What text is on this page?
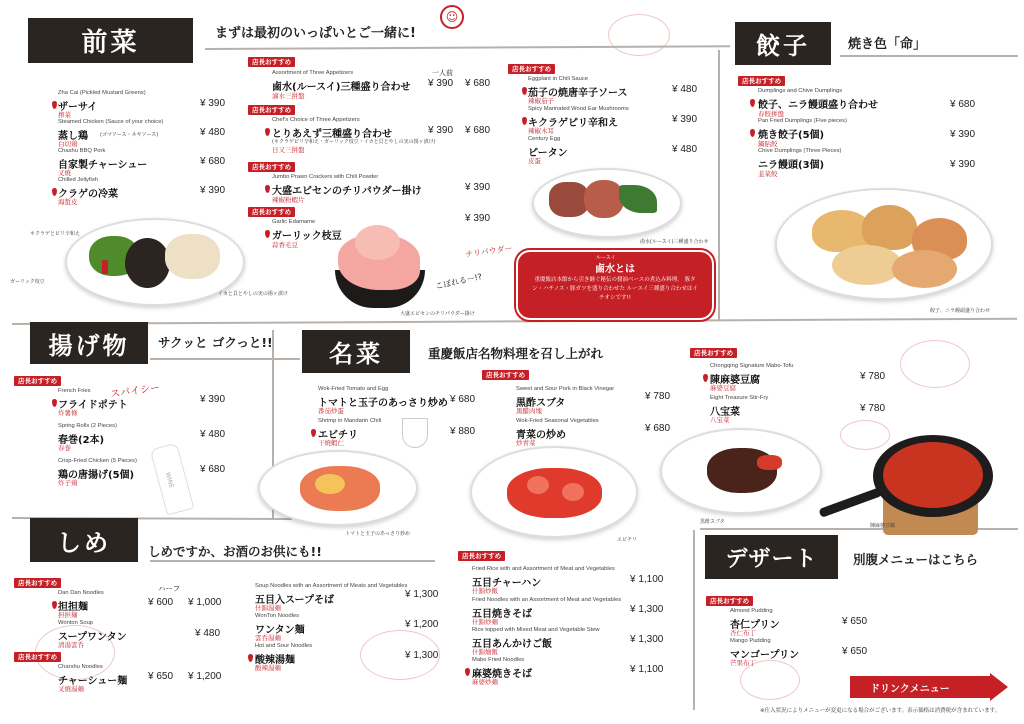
前菜	まずは最初のいっぱいとご一緒に!
☺
Zha Cai (Pickled Mustard Greens)
ザーサイ
搾菜
¥ 390
Steamed Chicken (Sauce of your choice)
蒸し鶏 (ゴマソース・ネギソース)
白切鶏
¥ 480
Chashu BBQ Pork
自家製チャーシュー
叉焼
¥ 680
Chilled Jellyfish
クラゲの冷菜
海蜇皮
¥ 390
キクラゲとピリ辛和え
ガーリック枝豆
イカと貝とやしの実の揚ヶ漬け
店長おすすめ
一人前
Assortment of Three Appetizers
鹵水(ルースイ)三種盛り合わせ
滷水三拼盤
¥ 390 ¥ 680
店長おすすめ
Chef's Choice of Three Appetizers
とりあえず三種盛り合わせ
(キクラゲピリ辛和え・ガーリック枝豆・イカと貝とやしの実の揚ヶ漬け)
日又三拼盤
¥ 390 ¥ 680
店長おすすめ
Jumbo Prawn Crackers with Chili Powder
大盛エビセンのチリパウダー掛け
辣椒粉蝦片
¥ 390
店長おすすめ
Garlic Edamame
ガーリック枝豆
蒜香毛豆
¥ 390
チリパウダー
こぼれる〜!?
大盛エビセンのチリパウダー掛け
店長おすすめ
Eggplant in Chili Sauce
茄子の焼唐辛子ソース
辣椒茄子
¥ 480
Spicy Marinated Wood Ear Mushrooms
キクラゲピリ辛和え
辣椒木耳
¥ 390
Century Egg
ピータン
皮蛋
¥ 480
鹵水(ルースイ)三種盛り合わせ
ルースイ
鹵水とは
重慶飯店本館から引き継ぐ秘伝の醤油ベースの煮込み料理。 豚タン・ハチノス・豚ガツを盛り合わせた ルースイ三種盛り合わせはイチオシです!!
餃子	焼き色「命」
店長おすすめ
Dumplings and Chive Dumplings
餃子、ニラ饅頭盛り合わせ
春餃拼盤
¥ 680
Pan Fried Dumplings (Five pieces)
焼き餃子(5個)
鍋貼餃
¥ 390
Chive Dumplings (Three Pieces)
ニラ饅頭(3個)
韮菜餃
¥ 390
餃子、ニラ饅頭盛り合わせ
揚げ物	サクッと ゴクっと!!
店長おすすめ
スパイシー
French Fries
フライドポテト
炸薯條
¥ 390
Spring Rolls (2 Pieces)
春巻(2本)
春巻
¥ 480
Crisp-Fried Chicken (5 Pieces)
鶏の唐揚げ(5個)
炸子鶏
¥ 680
WINE
名菜	重慶飯店名物料理を召し上がれ
Wok-Fried Tomato and Egg
トマトと玉子のあっさり炒め
番茄炒蛋
¥ 680
Shrimp in Mandarin Chili
エビチリ
干焼蝦仁
¥ 880
店長おすすめ
Sweet and Sour Pork in Black Vinegar
黒酢スブタ
黒醋肉塊
¥ 780
Wok-Fried Seasonal Vegetables
青菜の炒め
炒青菜
¥ 680
店長おすすめ
Chongqing Signature Mabo-Tofu
陳麻婆豆腐
麻婆豆腐
¥ 780
Eight Treasure Stir-Fry
八宝菜
八宝菜
¥ 780
トマトと玉子のあっさり炒め
エビチリ
黒酢スブタ
陳麻婆豆腐
しめ	しめですか、お酒のお供にも!!
ハーフ
店長おすすめ
Dan Dan Noodles
担担麺
担担麺
¥ 600 ¥ 1,000
Wonton Soup
スープワンタン
清湯雲呑
¥ 480
店長おすすめ
Charshu Noodles
チャーシュー麺
叉焼湯麺
¥ 650 ¥ 1,200
Soup Noodles with an Assortment of Meats and Vegetables
五目入スープそば
什錦湯麺
¥ 1,300
WonTon Noodles
ワンタン麺
雲呑湯麺
¥ 1,200
Hot and Sour Noodles
酸辣湯麺
酸辣湯麺
¥ 1,300
店長おすすめ
Fried Rice with and Assortment of Meat and Vegetables
五目チャーハン
什錦炒飯
¥ 1,100
Fried Noodles with an Assortment of Meat and Vegetables
五目焼きそば
什錦炒麺
¥ 1,300
Rice topped with Mixed Meat and Vegetable Stew
五目あんかけご飯
什錦燴飯
¥ 1,300
Mabo Fried Noodles
麻婆焼きそば
麻婆炒麺
¥ 1,100
デザート	別腹メニューはこちら
店長おすすめ
Almond Pudding
杏仁プリン
杏仁布丁
¥ 650
Mango Pudding
マンゴープリン
芒果布丁
¥ 650
ドリンクメニュー
※仕入状況によりメニューが変更になる場合がございます。表示価格は消費税が含まれています。
